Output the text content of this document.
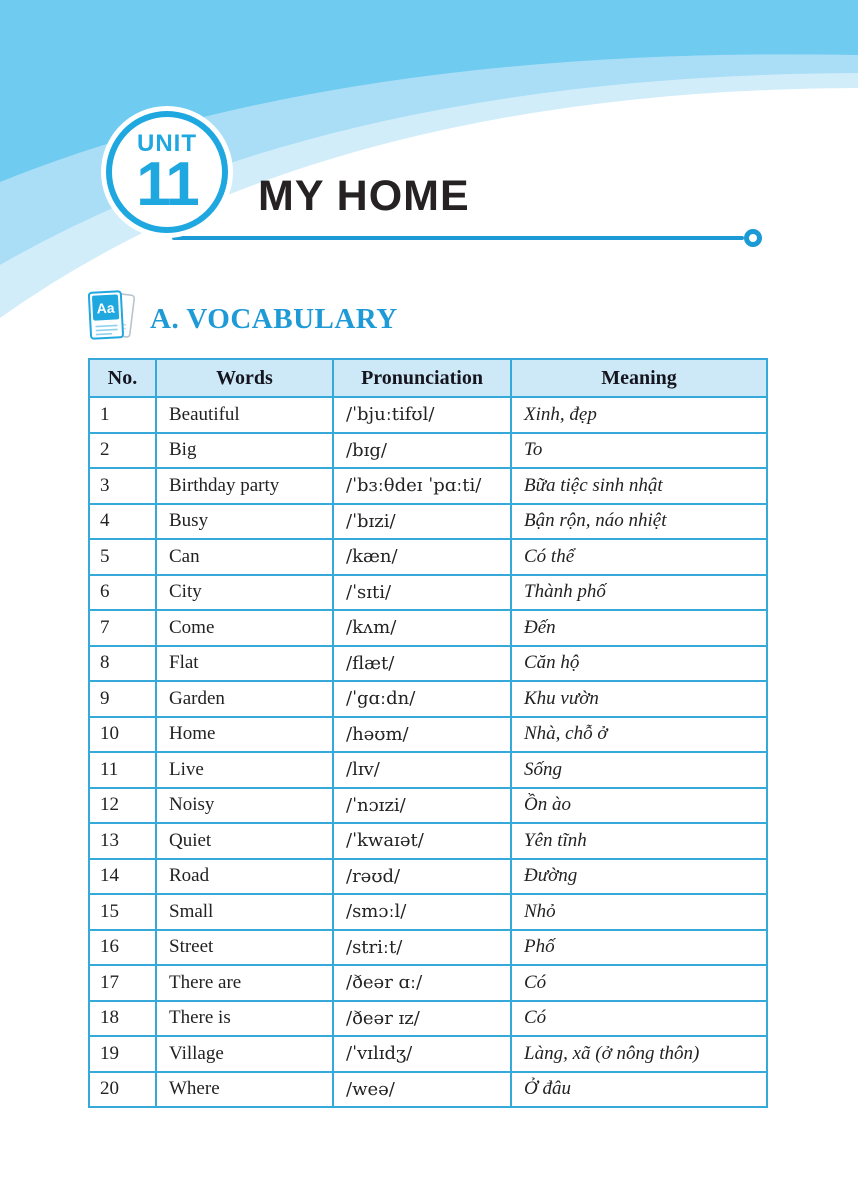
UNIT
11 MY HOME
Aa A. VOCABULARY
No.	Words	Pronunciation	Meaning
1	Beautiful	/ˈbjuːtifʊl/	Xinh, đẹp
2	Big	/bɪg/	To
3	Birthday party	/ˈbɜːθdeɪ ˈpɑːti/	Bữa tiệc sinh nhật
4	Busy	/ˈbɪzi/	Bận rộn, náo nhiệt
5	Can	/kæn/	Có thể
6	City	/ˈsɪti/	Thành phố
7	Come	/kʌm/	Đến
8	Flat	/flæt/	Căn hộ
9	Garden	/ˈgɑːdn/	Khu vườn
10	Home	/həʊm/	Nhà, chỗ ở
11	Live	/lɪv/	Sống
12	Noisy	/ˈnɔɪzi/	Ồn ào
13	Quiet	/ˈkwaɪət/	Yên tĩnh
14	Road	/rəʊd/	Đường
15	Small	/smɔːl/	Nhỏ
16	Street	/striːt/	Phố
17	There are	/ðeər ɑː/	Có
18	There is	/ðeər ɪz/	Có
19	Village	/ˈvɪlɪdʒ/	Làng, xã (ở nông thôn)
20	Where	/weə/	Ở đâu
